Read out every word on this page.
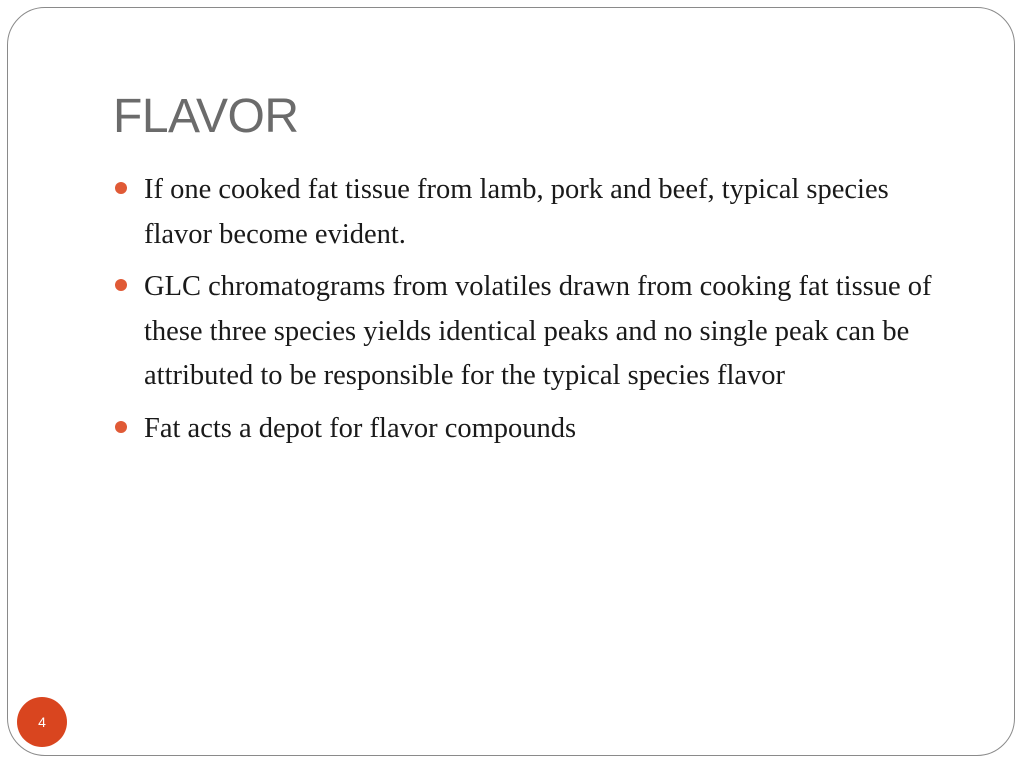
FLAVOR
If one cooked fat tissue from lamb, pork and beef, typical species flavor become evident.
GLC chromatograms from volatiles drawn from cooking fat tissue of these three species yields identical peaks and no single peak can be attributed to be responsible for the typical species flavor
Fat acts a depot for flavor compounds
4
